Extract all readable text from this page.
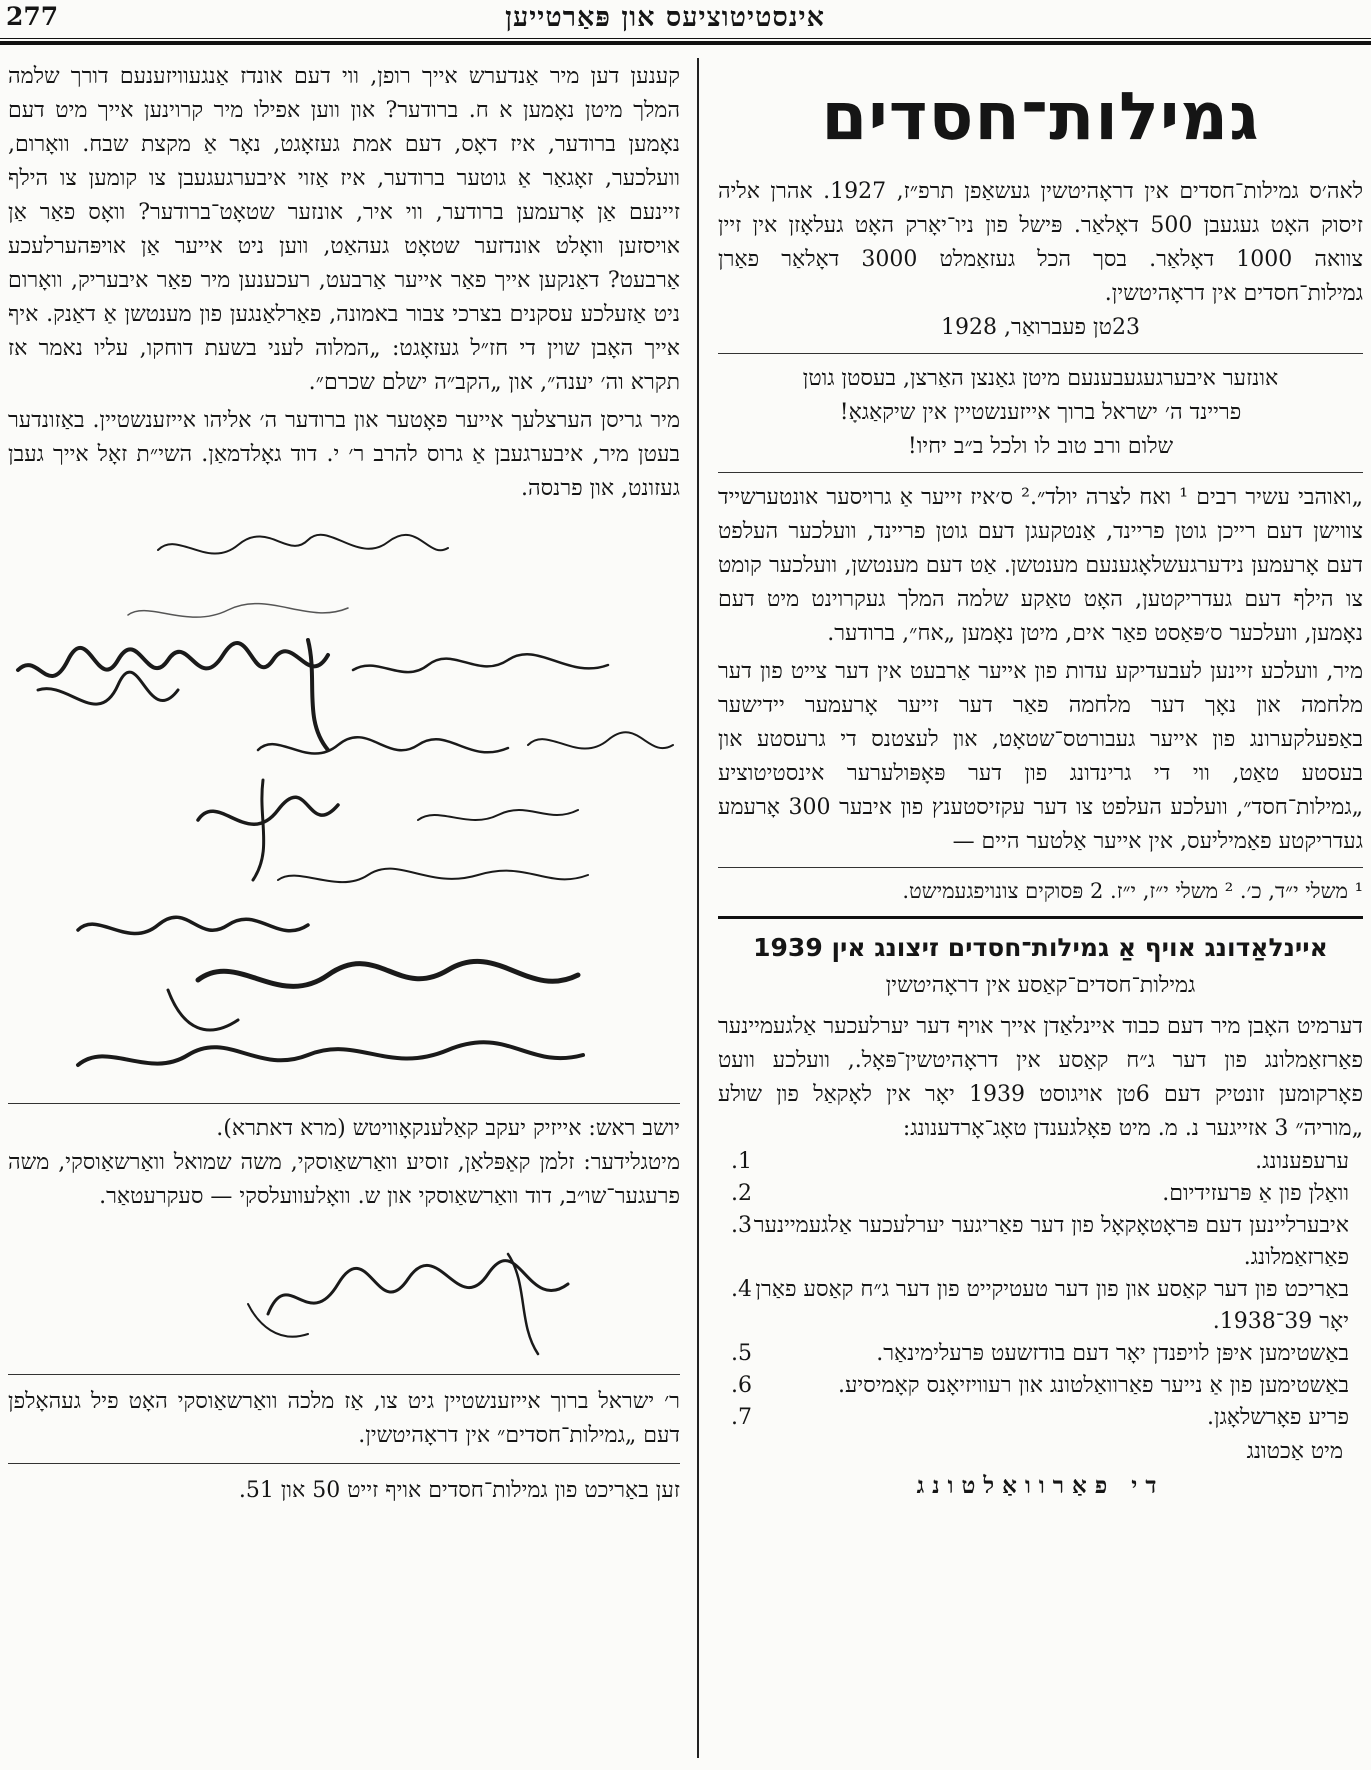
277	אינסטיטוציעס און פּאַרטייען
גמילות־חסדים

לאה׳ס גמילות־חסדים אין דראָהיטשין געשאַפן תרפ״ז, 1927. אהרן אליה זיסוק האָט געגעבן 500 דאָלאַר. פּישל פון ניו־יאָרק האָט געלאָזן אין זיין צוואה 1000 דאָלאַר. בסך הכל געזאַמלט 3000 דאָלאַר פאַרן גמילות־חסדים אין דראָהיטשין.

23טן פעברואַר, 1928

אונזער איבערגעגעבענעם מיטן גאַנצן האַרצן, בעסטן גוטן

פריינד ה׳ ישראל ברוך אייזענשטיין אין שיקאַגאָ!

שלום ורב טוב לו ולכל ב״ב יחיו!

„ואוהבי עשיר רבים ¹ ואח לצרה יולד״.² ס׳איז זייער אַ גרויסער אונטערשייד צווישן דעם רייכן גוטן פריינד, אַנטקעגן דעם גוטן פריינד, וועלכער העלפט דעם אָרעמען נידערגעשלאָגענעם מענטשן. אַט דעם מענטשן, וועלכער קומט צו הילף דעם געדריקטען, האָט טאַקע שלמה המלך געקרוינט מיט דעם נאָמען, וועלכער ס׳פּאַסט פאַר אים, מיטן נאָמען „אח״, ברודער.

מיר, וועלכע זיינען לעבעדיקע עדות פון אייער אַרבעט אין דער צייט פון דער מלחמה און נאָך דער מלחמה פאַר דער זייער אָרעמער יידישער באַפעלקערונג פון אייער געבורטס־שטאָט, און לעצטנס די גרעסטע און בעסטע טאַט, ווי די גרינדונג פון דער פּאָפּולערער אינסטיטוציע „גמילות־חסד״, וועלכע העלפט צו דער עקזיסטענץ פון איבער 300 אָרעמע געדריקטע פאַמיליעס, אין אייער אַלטער היים —

¹ משלי י״ד, כ׳. ² משלי י״ז, י״ז. 2 פּסוקים צונויפגעמישט.

איינלאַדונג אויף אַ גמילות־חסדים זיצונג אין 1939
גמילות־חסדים־קאַסע אין דראָהיטשין

דערמיט האָבן מיר דעם כבוד איינלאַדן אייך אויף דער יערלעכער אַלגעמיינער פאַרזאַמלונג פון דער ג״ח קאַסע אין דראָהיטשין־פּאָל., וועלכע וועט פאָרקומען זונטיק דעם 6טן אויגוסט 1939 יאָר אין לאָקאַל פון שולע „מוריה״ 3 אזייגער נ. מ. מיט פאָלגענדן טאָג־אָרדענונג:

ערעפענונג.
1.
וואַלן פון אַ פּרעזידיום.
2.
איבערליינען דעם פּראָטאָקאָל פון דער פאַריגער יערלעכער אַלגעמיינער פאַרזאַמלונג.
3.
באַריכט פון דער קאַסע און פון דער טעטיקייט פון דער ג״ח קאַסע פאַרן יאָר 39־1938.
4.
באַשטימען איפּן לויפנדן יאָר דעם בודזשעט פּרעלימינאַר.
5.
באַשטימען פון אַ נייער פאַרוואַלטונג און רעוויזיאָנס קאָמיסיע.
6.
פריע פאָרשלאָגן.
7.
מיט אַכטונג
די פאַרוואַלטונג

קענען דען מיר אַנדערש אייך רופן, ווי דעם אונדז אַנגעוויזענעם דורך שלמה המלך מיטן נאָמען א ח. ברודער? און ווען אפילו מיר קרוינען אייך מיט דעם נאָמען ברודער, איז דאָס, דעם אמת געזאָגט, נאָר אַ מקצת שבח. וואָרום, וועלכער, זאָגאַר אַ גוטער ברודער, איז אַזוי איבערגעגעבן צו קומען צו הילף זיינעם אַן אָרעמען ברודער, ווי איר, אונזער שטאָט־ברודער? וואָס פאַר אַן אויסזען וואָלט אונדזער שטאָט געהאַט, ווען ניט אייער אַן אויפּהערלעכע אַרבעט? דאַנקען אייך פאַר אייער אַרבעט, רעכענען מיר פאַר איבעריק, וואָרום ניט אַזעלכע עסקנים בצרכי צבור באמונה, פאַרלאַנגען פון מענטשן אַ דאַנק. איף אייך האָבן שוין די חז״ל געזאָגט: „המלוה לעני בשעת דוחקו, עליו נאמר אז תקרא וה׳ יענה״, און „הקב״ה ישלם שכרם״.

מיר גריסן הערצלעך אייער פאָטער און ברודער ה׳ אליהו אייזענשטיין. באַזונדער בעטן מיר, איבערגעבן אַ גרוס להרב ר׳ י. דוד גאָלדמאַן. השי״ת זאָל אייך געבן געזונט, און פרנסה.

יושב ראש: אייזיק יעקב קאַלענקאָוויטש (מרא דאתרא).

מיטגלידער: זלמן קאַפּלאַן, זוסיע וואַרשאַוסקי, משה שמואל וואַרשאַוסקי, משה פרעגער־שו״ב, דוד וואַרשאַוסקי און ש. וואָלעוועלסקי — סעקרעטאַר.

ר׳ ישראל ברוך אייזענשטיין גיט צו, אַז מלכה וואַרשאַוסקי האָט פיל געהאָלפן דעם „גמילות־חסדים״ אין דראָהיטשין.

זען באַריכט פון גמילות־חסדים אויף זייט 50 און 51.
